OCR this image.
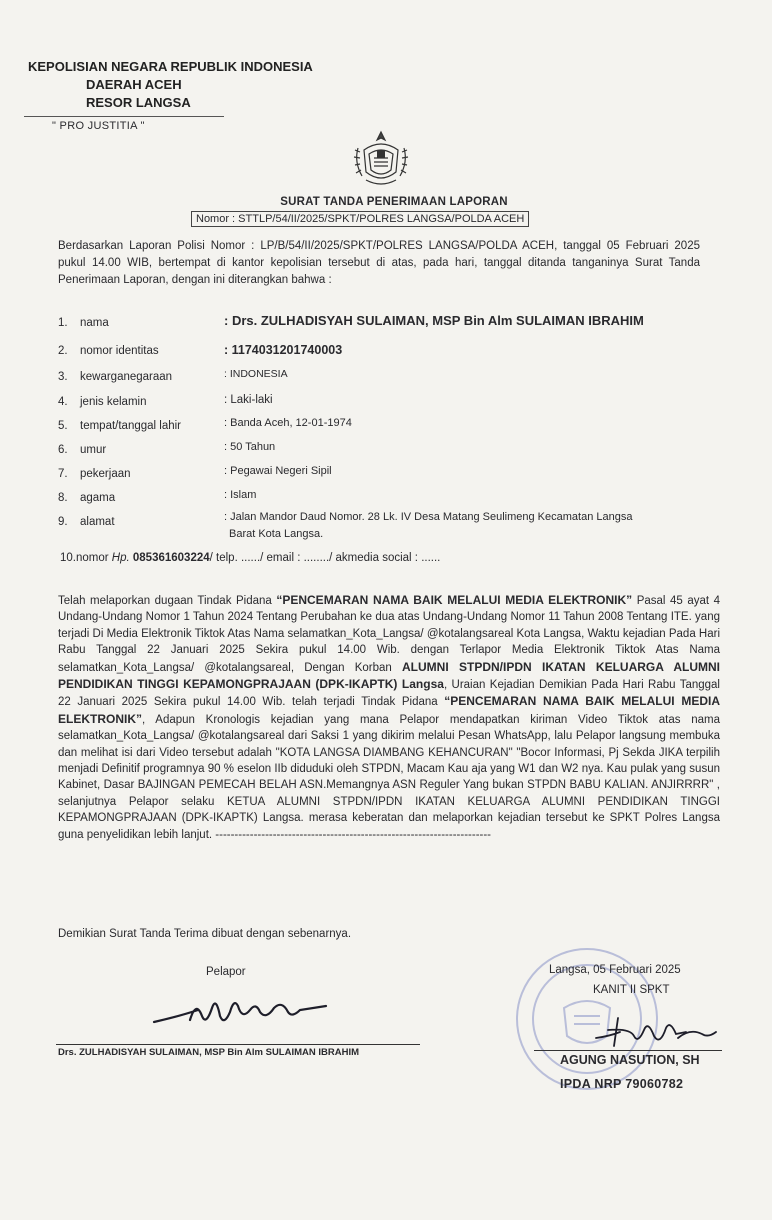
KEPOLISIAN NEGARA REPUBLIK INDONESIA
DAERAH ACEH
RESOR LANGSA
" PRO JUSTITIA "
SURAT TANDA PENERIMAAN LAPORAN
Nomor : STTLP/54/II/2025/SPKT/POLRES LANGSA/POLDA ACEH
Berdasarkan Laporan Polisi Nomor : LP/B/54/II/2025/SPKT/POLRES LANGSA/POLDA ACEH, tanggal 05 Februari 2025 pukul 14.00 WIB, bertempat di kantor kepolisian tersebut di atas, pada hari, tanggal ditanda tanganinya Surat Tanda Penerimaan Laporan, dengan ini diterangkan bahwa :
1.	nama	: Drs. ZULHADISYAH SULAIMAN, MSP Bin Alm SULAIMAN IBRAHIM
2.	nomor identitas	: 1174031201740003
3.	kewarganegaraan	: INDONESIA
4.	jenis kelamin	: Laki-laki
5.	tempat/tanggal lahir	: Banda Aceh, 12-01-1974
6.	umur	: 50 Tahun
7.	pekerjaan	: Pegawai Negeri Sipil
8.	agama	: Islam
9.	alamat	: Jalan Mandor Daud Nomor. 28 Lk. IV Desa Matang Seulimeng Kecamatan Langsa
Barat Kota Langsa.
10.nomor Hp. 085361603224/ telp. ....../ email : ......../ akmedia social : ......
Telah melaporkan dugaan Tindak Pidana “PENCEMARAN NAMA BAIK MELALUI MEDIA ELEKTRONIK” Pasal 45 ayat 4 Undang-Undang Nomor 1 Tahun 2024 Tentang Perubahan ke dua atas Undang-Undang Nomor 11 Tahun 2008 Tentang ITE. yang terjadi Di Media Elektronik Tiktok Atas Nama selamatkan_Kota_Langsa/ @kotalangsareal Kota Langsa, Waktu kejadian Pada Hari Rabu Tanggal 22 Januari 2025 Sekira pukul 14.00 Wib. dengan Terlapor Media Elektronik Tiktok Atas Nama selamatkan_Kota_Langsa/ @kotalangsareal, Dengan Korban ALUMNI STPDN/IPDN IKATAN KELUARGA ALUMNI PENDIDIKAN TINGGI KEPAMONGPRAJAAN (DPK-IKAPTK) Langsa, Uraian Kejadian Demikian Pada Hari Rabu Tanggal 22 Januari 2025 Sekira pukul 14.00 Wib. telah terjadi Tindak Pidana “PENCEMARAN NAMA BAIK MELALUI MEDIA ELEKTRONIK”, Adapun Kronologis kejadian yang mana Pelapor mendapatkan kiriman Video Tiktok atas nama selamatkan_Kota_Langsa/ @kotalangsareal dari Saksi 1 yang dikirim melalui Pesan WhatsApp, lalu Pelapor langsung membuka dan melihat isi dari Video tersebut adalah "KOTA LANGSA DIAMBANG KEHANCURAN" "Bocor Informasi, Pj Sekda JIKA terpilih menjadi Definitif programnya 90 % eselon IIb diduduki oleh STPDN, Macam Kau aja yang W1 dan W2 nya. Kau pulak yang susun Kabinet, Dasar BAJINGAN PEMECAH BELAH ASN.Memangnya ASN Reguler Yang bukan STPDN BABU KALIAN. ANJIRRRR" , selanjutnya Pelapor selaku KETUA ALUMNI STPDN/IPDN IKATAN KELUARGA ALUMNI PENDIDIKAN TINGGI KEPAMONGPRAJAAN (DPK-IKAPTK) Langsa. merasa keberatan dan melaporkan kejadian tersebut ke SPKT Polres Langsa guna penyelidikan lebih lanjut. ------------------------------------------------------------------------
Demikian Surat Tanda Terima dibuat dengan sebenarnya.
Pelapor
Drs. ZULHADISYAH SULAIMAN, MSP Bin Alm SULAIMAN IBRAHIM
Langsa, 05 Februari 2025
KANIT II SPKT
AGUNG NASUTION, SH
IPDA NRP 79060782
